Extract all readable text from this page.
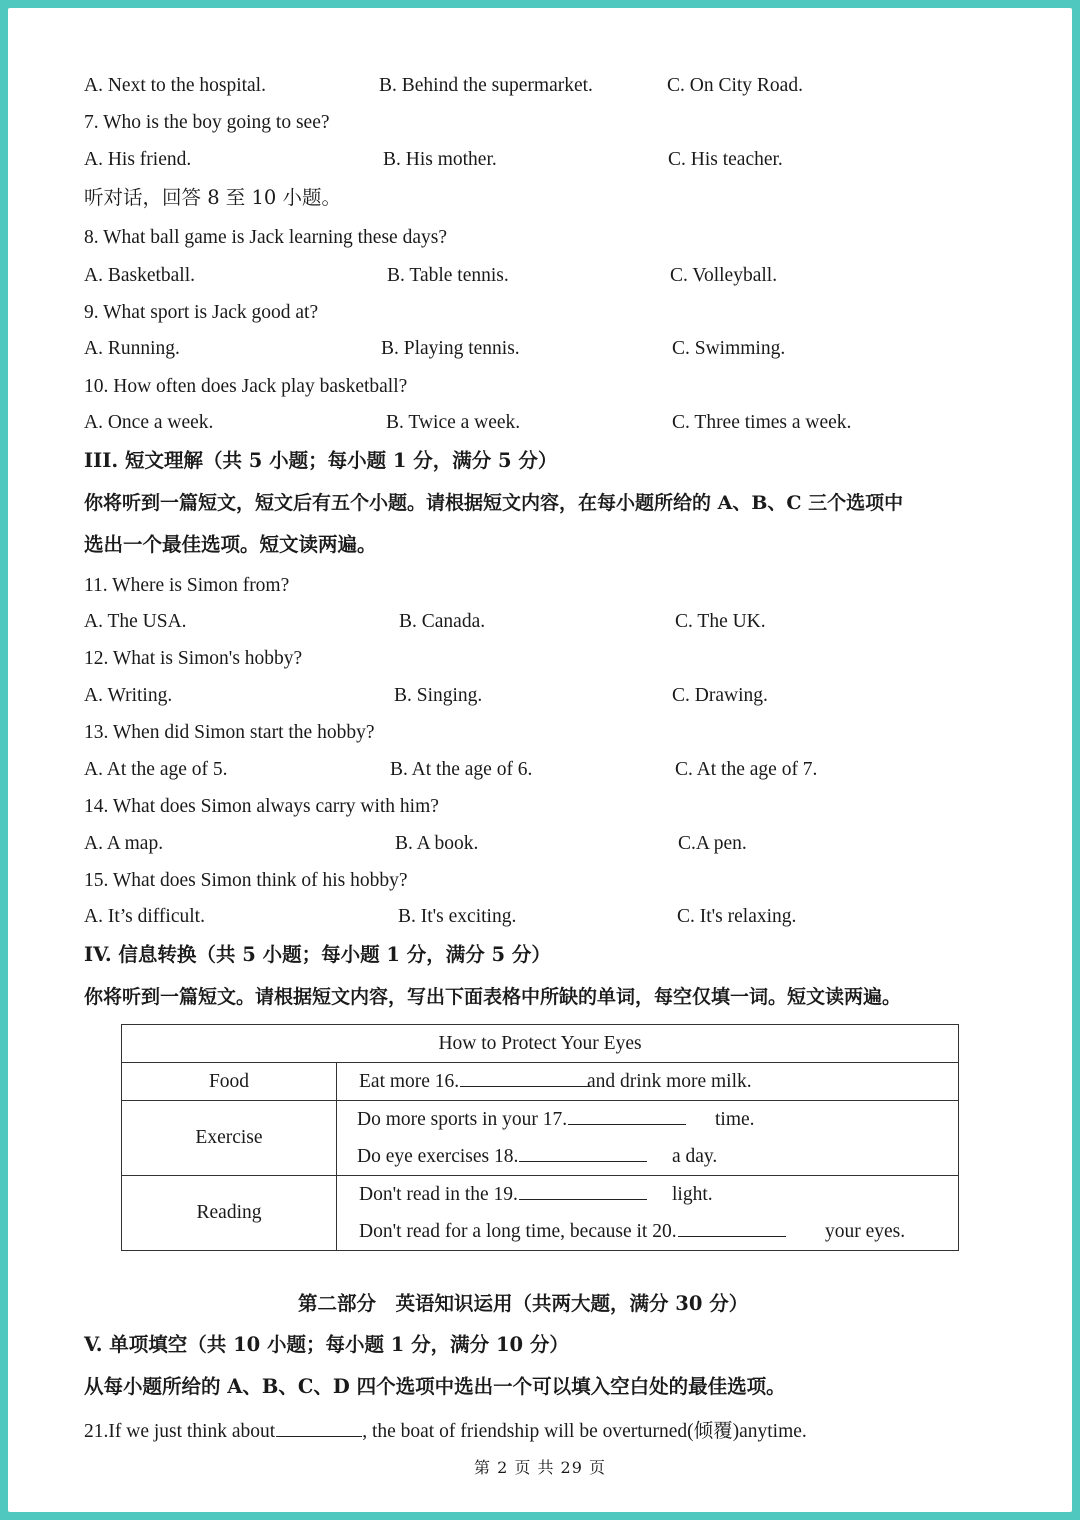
A. Next to the hospital.	B. Behind the supermarket.	C. On City Road.
7. Who is the boy going to see?
A. His friend.	B. His mother.	C. His teacher.
听对话，回答 8 至 10 小题。
8. What ball game is Jack learning these days?
A. Basketball.	B. Table tennis.	C. Volleyball.
9. What sport is Jack good at?
A. Running.	B. Playing tennis.	C. Swimming.
10. How often does Jack play basketball?
A. Once a week.	B. Twice a week.	C. Three times a week.
III. 短文理解（共 5 小题；每小题 1 分，满分 5 分）
你将听到一篇短文，短文后有五个小题。请根据短文内容，在每小题所给的 A、B、C 三个选项中
选出一个最佳选项。短文读两遍。
11. Where is Simon from?
A. The USA.	B. Canada.	C. The UK.
12. What is Simon's hobby?
A. Writing.	B. Singing.	C. Drawing.
13. When did Simon start the hobby?
A. At the age of 5.	B. At the age of 6.	C. At the age of 7.
14. What does Simon always carry with him?
A. A map.	B. A book.	C.A pen.
15. What does Simon think of his hobby?
A. It’s difficult.	B. It's exciting.	C. It's relaxing.
IV. 信息转换（共 5 小题；每小题 1 分，满分 5 分）
你将听到一篇短文。请根据短文内容，写出下面表格中所缺的单词，每空仅填一词。短文读两遍。
How to Protect Your Eyes	
Food	Eat more 16. and drink more milk.

Exercise	Do more sports in your 17. time.
Do eye exercises 18. a day.

Reading	Don't read in the 19. light.
Don't read for a long time, because it 20. your eyes.
第二部分　英语知识运用（共两大题，满分 30 分）
V. 单项填空（共 10 小题；每小题 1 分，满分 10 分）
从每小题所给的 A、B、C、D 四个选项中选出一个可以填入空白处的最佳选项。
21.If we just think about	, the boat of friendship will be overturned(倾覆)anytime.
第 2 页 共 29 页
